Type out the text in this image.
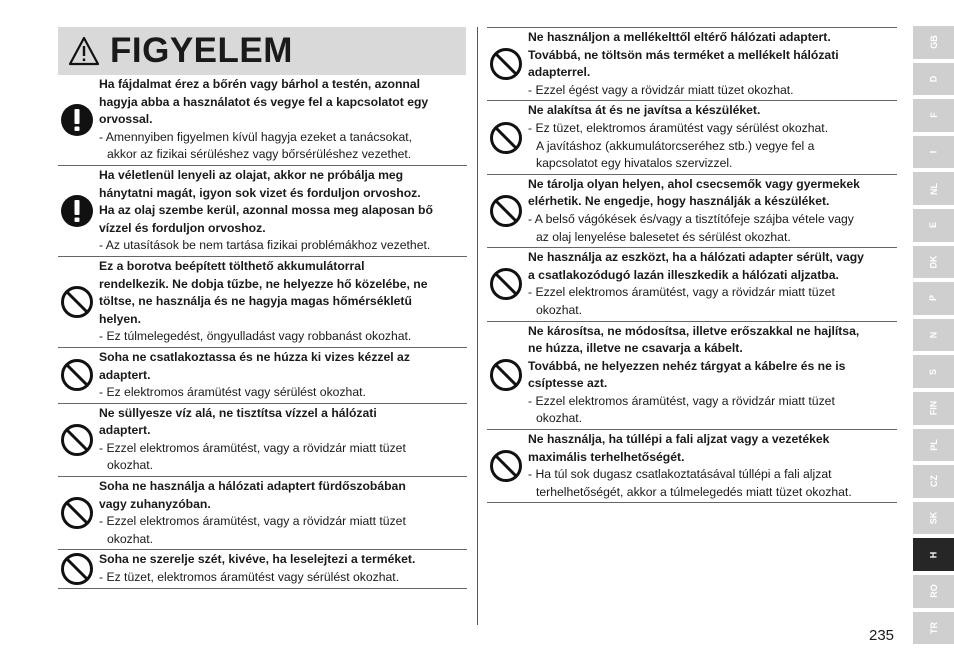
FIGYELEM
Ha fájdalmat érez a bőrén vagy bárhol a testén, azonnal
hagyja abba a használatot és vegye fel a kapcsolatot egy
orvossal.
- Amennyiben figyelmen kívül hagyja ezeket a tanácsokat,
akkor az fizikai sérüléshez vagy bőrsérüléshez vezethet.
Ha véletlenül lenyeli az olajat, akkor ne próbálja meg
hánytatni magát, igyon sok vizet és forduljon orvoshoz.
Ha az olaj szembe kerül, azonnal mossa meg alaposan bő
vízzel és forduljon orvoshoz.
- Az utasítások be nem tartása fizikai problémákhoz vezethet.
Ez a borotva beépített tölthető akkumulátorral
rendelkezik. Ne dobja tűzbe, ne helyezze hő közelébe, ne
töltse, ne használja és ne hagyja magas hőmérsékletű
helyen.
- Ez túlmelegedést, öngyulladást vagy robbanást okozhat.
Soha ne csatlakoztassa és ne húzza ki vizes kézzel az
adaptert.
- Ez elektromos áramütést vagy sérülést okozhat.
Ne süllyesze víz alá, ne tisztítsa vízzel a hálózati
adaptert.
- Ezzel elektromos áramütést, vagy a rövidzár miatt tüzet
okozhat.
Soha ne használja a hálózati adaptert fürdőszobában
vagy zuhanyzóban.
- Ezzel elektromos áramütést, vagy a rövidzár miatt tüzet
okozhat.
Soha ne szerelje szét, kivéve, ha leselejtezi a terméket.
- Ez tüzet, elektromos áramütést vagy sérülést okozhat.
Ne használjon a mellékelttől eltérő hálózati adaptert.
Továbbá, ne töltsön más terméket a mellékelt hálózati
adapterrel.
- Ezzel égést vagy a rövidzár miatt tüzet okozhat.
Ne alakítsa át és ne javítsa a készüléket.
- Ez tüzet, elektromos áramütést vagy sérülést okozhat.
A javításhoz (akkumulátorcseréhez stb.) vegye fel a
kapcsolatot egy hivatalos szervizzel.
Ne tárolja olyan helyen, ahol csecsemők vagy gyermekek
elérhetik. Ne engedje, hogy használják a készüléket.
- A belső vágókések és/vagy a tisztítófeje szájba vétele vagy
az olaj lenyelése balesetet és sérülést okozhat.
Ne használja az eszközt, ha a hálózati adapter sérült, vagy
a csatlakozódugó lazán illeszkedik a hálózati aljzatba.
- Ezzel elektromos áramütést, vagy a rövidzár miatt tüzet
okozhat.
Ne károsítsa, ne módosítsa, illetve erőszakkal ne hajlítsa,
ne húzza, illetve ne csavarja a kábelt.
Továbbá, ne helyezzen nehéz tárgyat a kábelre és ne is
csíptesse azt.
- Ezzel elektromos áramütést, vagy a rövidzár miatt tüzet
okozhat.
Ne használja, ha túllépi a fali aljzat vagy a vezetékek
maximális terhelhetőségét.
- Ha túl sok dugasz csatlakoztatásával túllépi a fali aljzat
terhelhetőségét, akkor a túlmelegedés miatt tüzet okozhat.
GB
D
F
I
NL
E
DK
P
N
S
FIN
PL
CZ
SK
H
RO
TR
235
